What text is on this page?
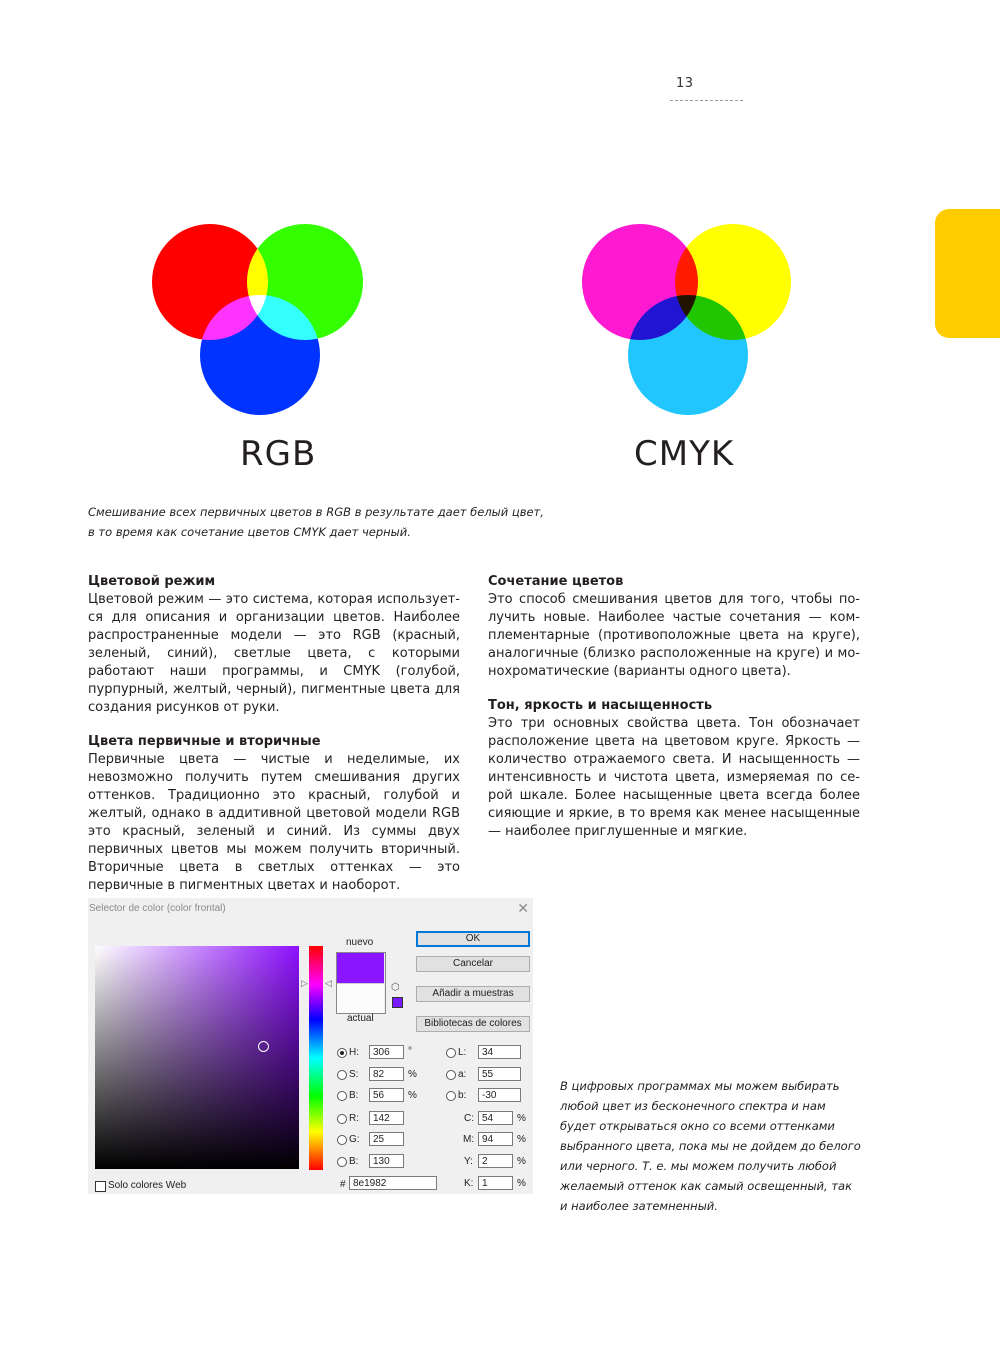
13
RGB	CMYK
Смешивание всех первичных цветов в RGB в результате дает белый цвет,
в то время как сочетание цветов CMYK дает черный.
Цветовой режим

Цветовой режим — это система, которая используется для описания и организации цветов. Наиболее распространенные модели — это RGB (красный, зеленый, синий), светлые цвета, с которыми работают наши программы, и CMYK (голубой, пурпурный, желтый, черный), пигментные цвета для создания рисунков от руки.

Цвета первичные и вторичные

Первичные цвета — чистые и неделимые, их невозможно получить путем смешивания других оттенков. Традиционно это красный, голубой и желтый, однако в аддитивной цветовой модели RGB это красный, зеленый и синий. Из суммы двух первичных цветов мы можем получить вторичный. Вторичные цвета в светлых оттенках — это первичные в пигментных цветах и наоборот.

Сочетание цветов

Это способ смешивания цветов для того, чтобы получить новые. Наиболее частые сочетания — комплементарные (противоположные цвета на круге), аналогичные (близко расположенные на круге) и монохроматические (варианты одного цвета).

Тон, яркость и насыщенность

Это три основных свойства цвета. Тон обозначает расположение цвета на цветовом круге. Яркость — количество отражаемого света. И насыщенность — интенсивность и чистота цвета, измеряемая по серой шкале. Более насыщенные цвета всегда более сияющие и яркие, в то время как менее насыщенные — наиболее приглушенные и мягкие.

Selector de color (color frontal)	✕
▷ ◁
nuevo
actual
⬡
OK
Cancelar
Añadir a muestras
Bibliotecas de colores
H:	306	°
S:	82	%
B:	56	%
R:	142
G:	25
B:	130
# 8e1982
L:	34
a:	55
b:	-30
C: 54	%
M: 94	%
Y: 2	%
K: 1	%
Solo colores Web
В цифровых программах мы можем выбирать
любой цвет из бесконечного спектра и нам
будет открываться окно со всеми оттенками
выбранного цвета, пока мы не дойдем до белого
или черного. Т. е. мы можем получить любой
желаемый оттенок как самый освещенный, так
и наиболее затемненный.
